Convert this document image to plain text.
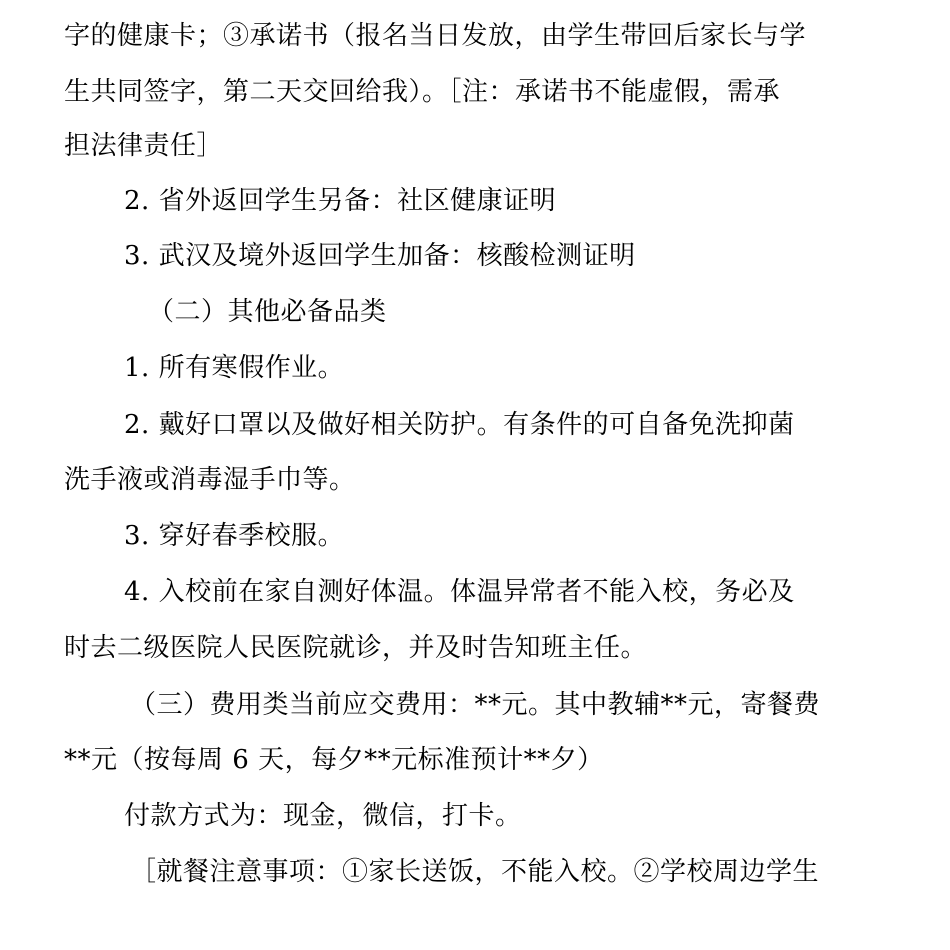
字的健康卡；③承诺书（报名当日发放，由学生带回后家长与学
生共同签字，第二天交回给我）。［注：承诺书不能虚假，需承
担法律责任］
2. 省外返回学生另备：社区健康证明
3. 武汉及境外返回学生加备：核酸检测证明
（二）其他必备品类
1. 所有寒假作业。
2. 戴好口罩以及做好相关防护。有条件的可自备免洗抑菌
洗手液或消毒湿手巾等。
3. 穿好春季校服。
4. 入校前在家自测好体温。体温异常者不能入校，务必及
时去二级医院人民医院就诊，并及时告知班主任。
（三）费用类当前应交费用：**元。其中教辅**元，寄餐费
**元（按每周 6 天，每夕**元标准预计**夕）
付款方式为：现金，微信，打卡。
［就餐注意事项：①家长送饭，不能入校。②学校周边学生
